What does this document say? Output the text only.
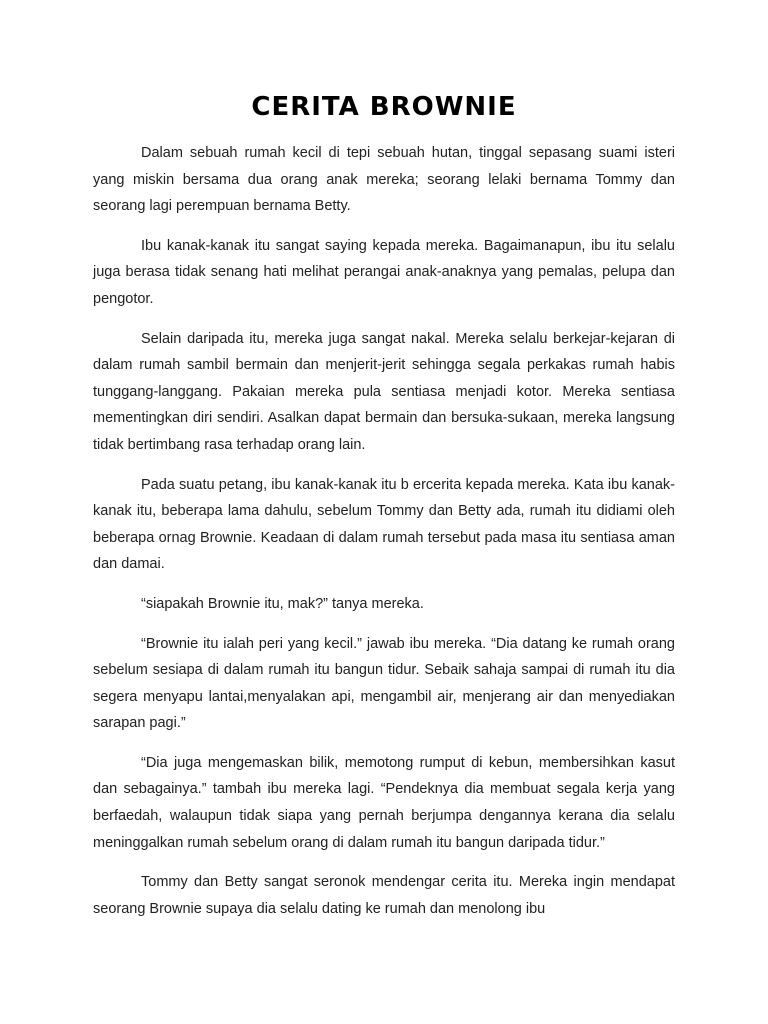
CERITA BROWNIE

Dalam sebuah rumah kecil di tepi sebuah hutan, tinggal sepasang suami isteri yang miskin bersama dua orang anak mereka; seorang lelaki bernama Tommy dan seorang lagi perempuan bernama Betty.

Ibu kanak-kanak itu sangat saying kepada mereka. Bagaimanapun, ibu itu selalu juga berasa tidak senang hati melihat perangai anak-anaknya yang pemalas, pelupa dan pengotor.

Selain daripada itu, mereka juga sangat nakal. Mereka selalu berkejar-kejaran di dalam rumah sambil bermain dan menjerit-jerit sehingga segala perkakas rumah habis tunggang-langgang. Pakaian mereka pula sentiasa menjadi kotor. Mereka sentiasa mementingkan diri sendiri. Asalkan dapat bermain dan bersuka-sukaan, mereka langsung tidak bertimbang rasa terhadap orang lain.

Pada suatu petang, ibu kanak-kanak itu b ercerita kepada mereka. Kata ibu kanak-kanak itu, beberapa lama dahulu, sebelum Tommy dan Betty ada, rumah itu didiami oleh beberapa ornag Brownie. Keadaan di dalam rumah tersebut pada masa itu sentiasa aman dan damai.

“siapakah Brownie itu, mak?” tanya mereka.

“Brownie itu ialah peri yang kecil.” jawab ibu mereka. “Dia datang ke rumah orang sebelum sesiapa di dalam rumah itu bangun tidur. Sebaik sahaja sampai di rumah itu dia segera menyapu lantai,menyalakan api, mengambil air, menjerang air dan menyediakan sarapan pagi.”

“Dia juga mengemaskan bilik, memotong rumput di kebun, membersihkan kasut dan sebagainya.” tambah ibu mereka lagi. “Pendeknya dia membuat segala kerja yang berfaedah, walaupun tidak siapa yang pernah berjumpa dengannya kerana dia selalu meninggalkan rumah sebelum orang di dalam rumah itu bangun daripada tidur.”

Tommy dan Betty sangat seronok mendengar cerita itu. Mereka ingin mendapat seorang Brownie supaya dia selalu dating ke rumah dan menolong ibu
